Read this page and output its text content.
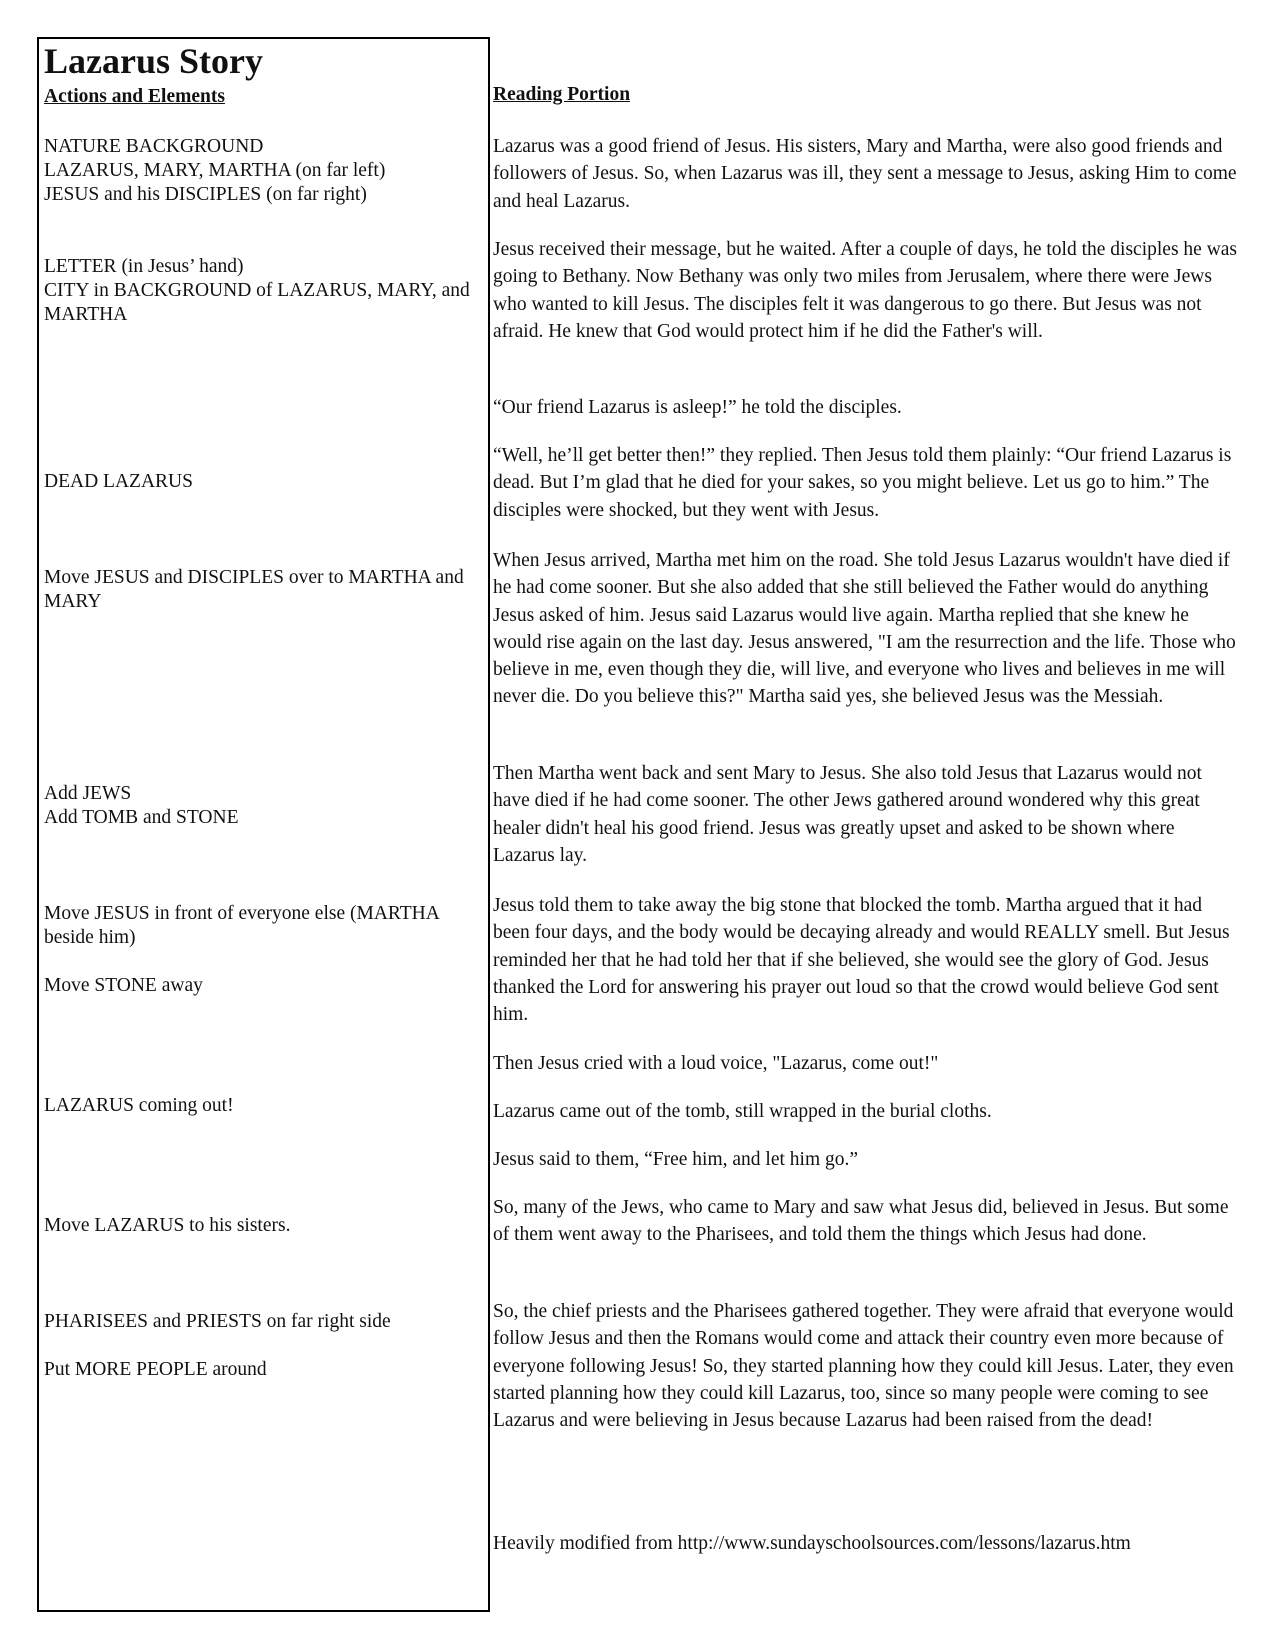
Lazarus Story
Actions and Elements	Reading Portion
NATURE BACKGROUND
LAZARUS, MARY, MARTHA (on far left)
JESUS and his DISCIPLES (on far right)
LETTER (in Jesus’ hand)
CITY in BACKGROUND of LAZARUS, MARY, and MARTHA
DEAD LAZARUS
Move JESUS and DISCIPLES over to MARTHA and MARY
Add JEWS
Add TOMB and STONE
Move JESUS in front of everyone else (MARTHA beside him)
Move STONE away
LAZARUS coming out!
Move LAZARUS to his sisters.
PHARISEES and PRIESTS on far right side
Put MORE PEOPLE around

Lazarus was a good friend of Jesus. His sisters, Mary and Martha, were also good friends and followers of Jesus. So, when Lazarus was ill, they sent a message to Jesus, asking Him to come and heal Lazarus.

Jesus received their message, but he waited. After a couple of days, he told the disciples he was going to Bethany. Now Bethany was only two miles from Jerusalem, where there were Jews who wanted to kill Jesus. The disciples felt it was dangerous to go there. But Jesus was not afraid. He knew that God would protect him if he did the Father's will.

“Our friend Lazarus is asleep!” he told the disciples.

“Well, he’ll get better then!” they replied. Then Jesus told them plainly: “Our friend Lazarus is dead. But I’m glad that he died for your sakes, so you might believe. Let us go to him.” The disciples were shocked, but they went with Jesus.

When Jesus arrived, Martha met him on the road. She told Jesus Lazarus wouldn't have died if he had come sooner. But she also added that she still believed the Father would do anything Jesus asked of him. Jesus said Lazarus would live again. Martha replied that she knew he would rise again on the last day. Jesus answered, "I am the resurrection and the life. Those who believe in me, even though they die, will live, and everyone who lives and believes in me will never die. Do you believe this?" Martha said yes, she believed Jesus was the Messiah.

Then Martha went back and sent Mary to Jesus. She also told Jesus that Lazarus would not have died if he had come sooner. The other Jews gathered around wondered why this great healer didn't heal his good friend. Jesus was greatly upset and asked to be shown where Lazarus lay.

Jesus told them to take away the big stone that blocked the tomb. Martha argued that it had been four days, and the body would be decaying already and would REALLY smell. But Jesus reminded her that he had told her that if she believed, she would see the glory of God. Jesus thanked the Lord for answering his prayer out loud so that the crowd would believe God sent him.

Then Jesus cried with a loud voice, "Lazarus, come out!"

Lazarus came out of the tomb, still wrapped in the burial cloths.

Jesus said to them, “Free him, and let him go.”

So, many of the Jews, who came to Mary and saw what Jesus did, believed in Jesus. But some of them went away to the Pharisees, and told them the things which Jesus had done.

So, the chief priests and the Pharisees gathered together. They were afraid that everyone would follow Jesus and then the Romans would come and attack their country even more because of everyone following Jesus! So, they started planning how they could kill Jesus. Later, they even started planning how they could kill Lazarus, too, since so many people were coming to see Lazarus and were believing in Jesus because Lazarus had been raised from the dead!

Heavily modified from http://www.sundayschoolsources.com/lessons/lazarus.htm
